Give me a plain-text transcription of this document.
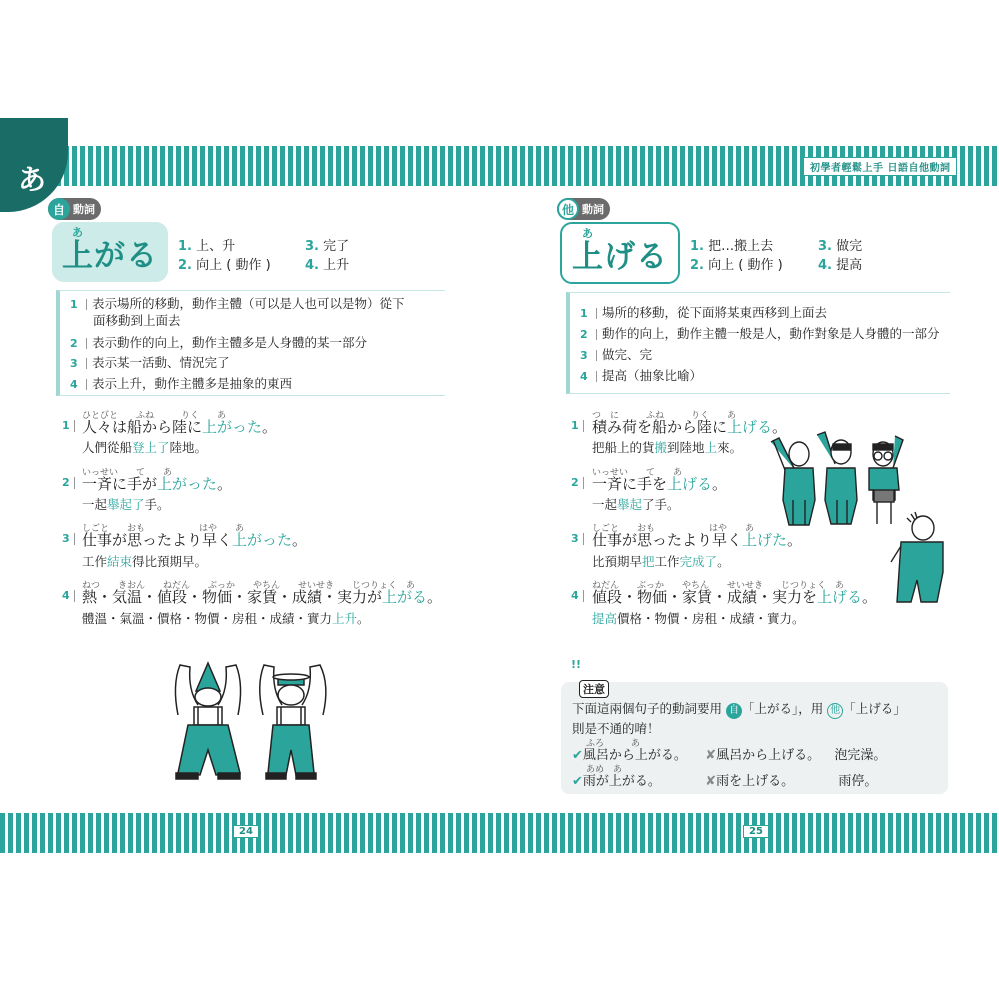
あ	初學者輕鬆上手 日語自他動詞
24	25
自 動詞
上がる
あ
1. 上、升	3. 完了
2. 向上 ( 動作 )	4. 上升
1 表示場所的移動，動作主體（可以是人也可以是物）從下
面移動到上面去
2 表示動作的向上，動作主體多是人身體的某一部分
3 表示某一活動、情況完了
4 表示上升，動作主體多是抽象的東西
ひとびと　　ふね　　　りく　　あ
1 人々は船から陸に上がった。
人們從船登上了陸地。
いっせい　　て　　あ
2 一斉に手が上がった。
一起舉起了手。
しごと　　おも　　　　　　はや　　あ
3 仕事が思ったより早く上がった。
工作結束得比預期早。
ねつ　　きおん　　ねだん　　ぶっか　　やちん　　せいせき　　じつりょく　あ
4 熱・気温・値段・物価・家賃・成績・実力が上がる。
體溫・氣溫・價格・物價・房租・成績・實力上升。
他 動詞
上げる
あ
1. 把…搬上去	3. 做完
2. 向上 ( 動作 )	4. 提高
1 場所的移動，從下面將某東西移到上面去
2 動作的向上，動作主體一般是人，動作對象是人身體的一部分
3 做完、完
4 提高（抽象比喻）
つ　に　　　ふね　　　りく　　あ
1 積み荷を船から陸に上げる。
把船上的貨搬到陸地上來。
いっせい　　て　　あ
2 一斉に手を上げる。
一起舉起了手。
しごと　　おも　　　　　　はや　　あ
3 仕事が思ったより早く上げた。
比預期早把工作完成了。
ねだん　　ぶっか　　やちん　　せいせき　　じつりょく　あ
4 値段・物価・家賃・成績・実力を上げる。
提高價格・物價・房租・成績・實力。
!!
注意
下面這兩個句子的動詞要用 自 「上がる」，用 他 「上げる」
則是不通的唷！
ふろ　　　あ
✔風呂から上がる。 ✘風呂から上げる。 泡完澡。
あめ　あ
✔雨が上がる。	✘雨を上げる。	雨停。
